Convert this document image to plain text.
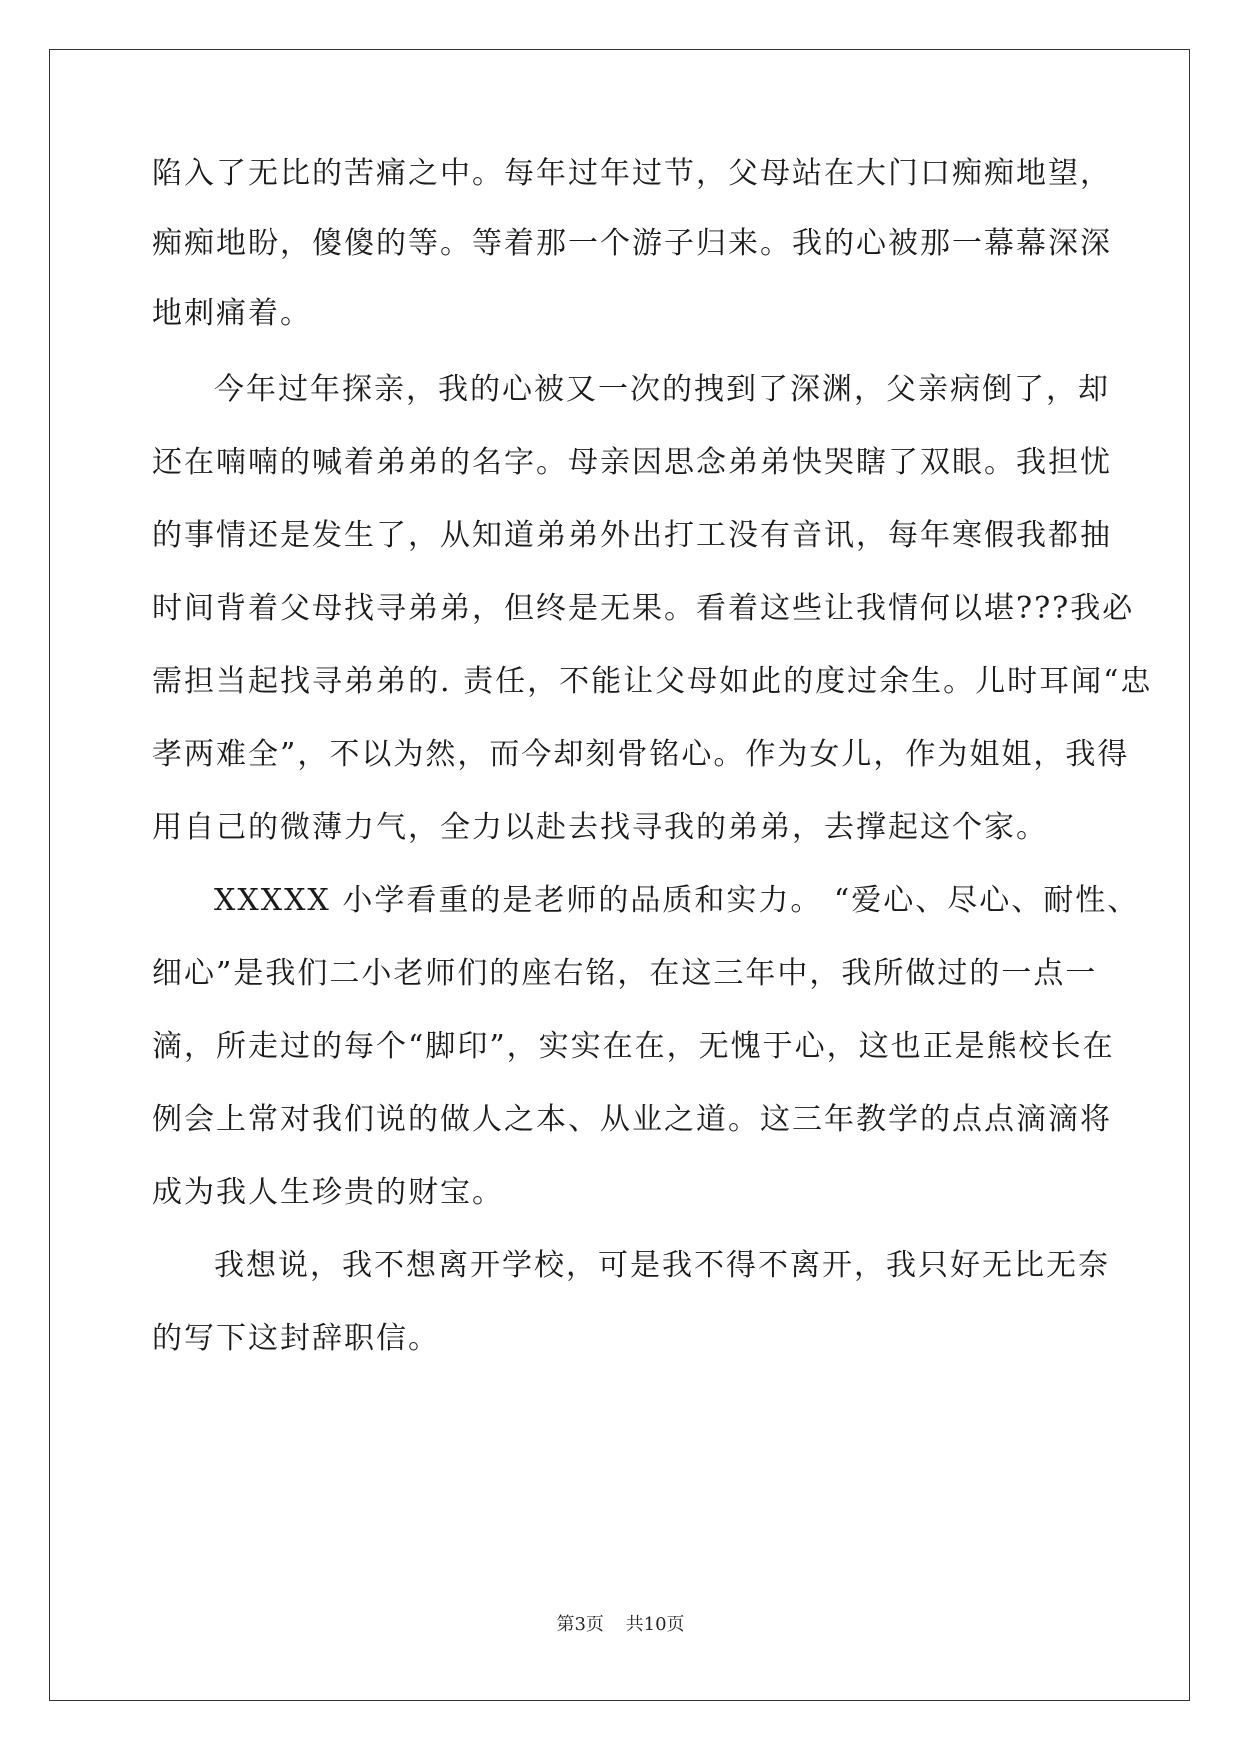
陷入了无比的苦痛之中。每年过年过节，父母站在大门口痴痴地望，
痴痴地盼，傻傻的等。等着那一个游子归来。我的心被那一幕幕深深
地刺痛着。
今年过年探亲，我的心被又一次的拽到了深渊，父亲病倒了，却
还在喃喃的喊着弟弟的名字。母亲因思念弟弟快哭瞎了双眼。我担忧
的事情还是发生了，从知道弟弟外出打工没有音讯，每年寒假我都抽
时间背着父母找寻弟弟，但终是无果。看着这些让我情何以堪???我必
需担当起找寻弟弟的. 责任，不能让父母如此的度过余生。儿时耳闻“忠
孝两难全”，不以为然，而今却刻骨铭心。作为女儿，作为姐姐，我得
用自己的微薄力气，全力以赴去找寻我的弟弟，去撑起这个家。
XXXXX 小学看重的是老师的品质和实力。 “爱心、尽心、耐性、
细心”是我们二小老师们的座右铭，在这三年中，我所做过的一点一
滴，所走过的每个“脚印”，实实在在，无愧于心，这也正是熊校长在
例会上常对我们说的做人之本、从业之道。这三年教学的点点滴滴将
成为我人生珍贵的财宝。
我想说，我不想离开学校，可是我不得不离开，我只好无比无奈
的写下这封辞职信。
第3页 共10页
